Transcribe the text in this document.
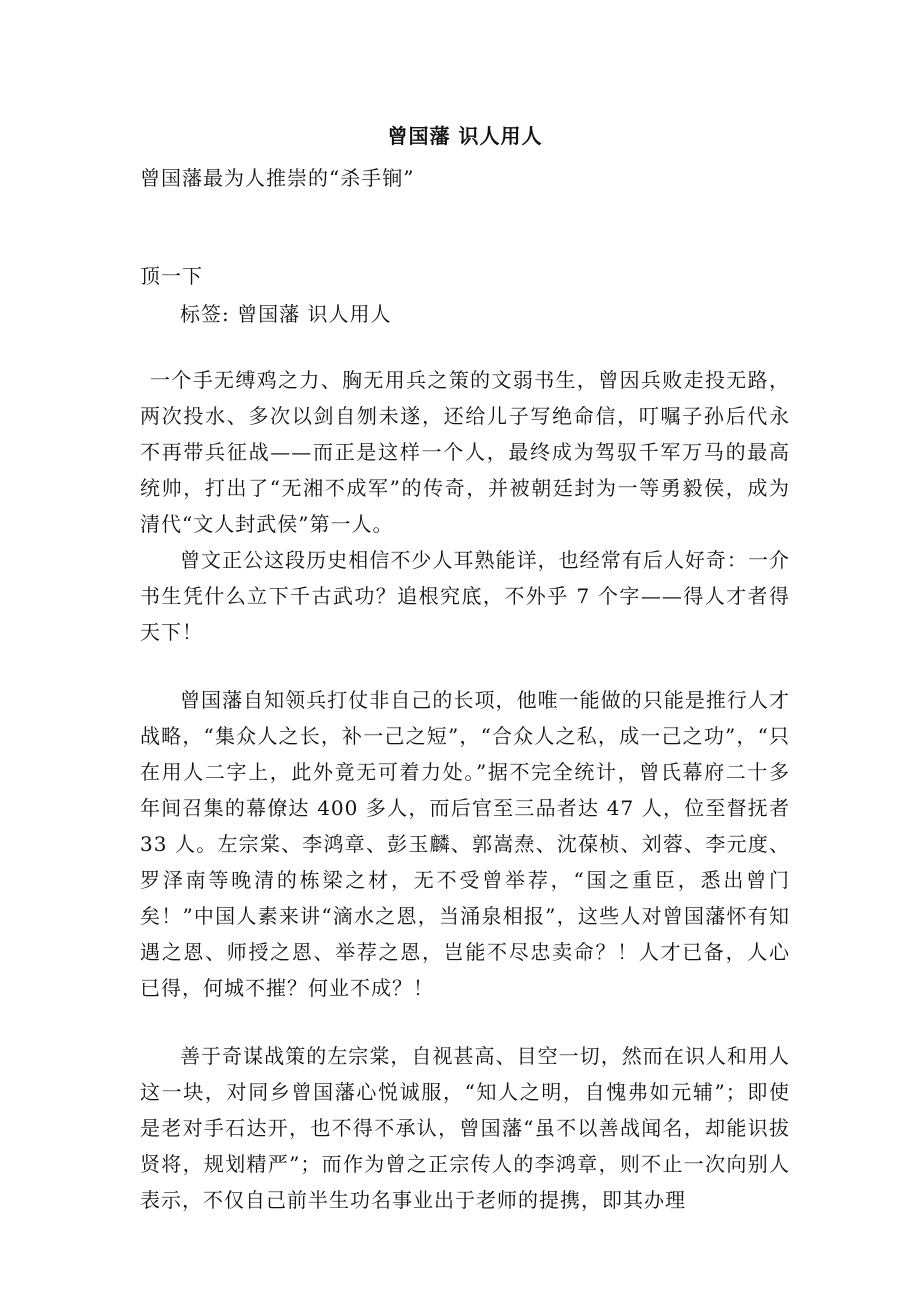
曾国藩 识人用人

曾国藩最为人推崇的“杀手锏”

顶一下

标签: 曾国藩 识人用人

一个手无缚鸡之力、胸无用兵之策的文弱书生，曾因兵败走投无路，两次投水、多次以剑自刎未遂，还给儿子写绝命信，叮嘱子孙后代永不再带兵征战——而正是这样一个人，最终成为驾驭千军万马的最高统帅，打出了“无湘不成军”的传奇，并被朝廷封为一等勇毅侯，成为清代“文人封武侯”第一人。

曾文正公这段历史相信不少人耳熟能详，也经常有后人好奇：一介书生凭什么立下千古武功？追根究底，不外乎 7 个字——得人才者得天下！

曾国藩自知领兵打仗非自己的长项，他唯一能做的只能是推行人才战略，“集众人之长，补一己之短”，“合众人之私，成一己之功”，“只在用人二字上，此外竟无可着力处。”据不完全统计，曾氏幕府二十多年间召集的幕僚达 400 多人，而后官至三品者达 47 人，位至督抚者 33 人。左宗棠、李鸿章、彭玉麟、郭嵩焘、沈葆桢、刘蓉、李元度、罗泽南等晚清的栋梁之材，无不受曾举荐，“国之重臣，悉出曾门矣！”中国人素来讲“滴水之恩，当涌泉相报”，这些人对曾国藩怀有知遇之恩、师授之恩、举荐之恩，岂能不尽忠卖命？！人才已备，人心已得，何城不摧？何业不成？！

善于奇谋战策的左宗棠，自视甚高、目空一切，然而在识人和用人这一块，对同乡曾国藩心悦诚服，“知人之明，自愧弗如元辅”；即使是老对手石达开，也不得不承认，曾国藩“虽不以善战闻名，却能识拔贤将，规划精严”；而作为曾之正宗传人的李鸿章，则不止一次向别人表示，不仅自己前半生功名事业出于老师的提携，即其办理
